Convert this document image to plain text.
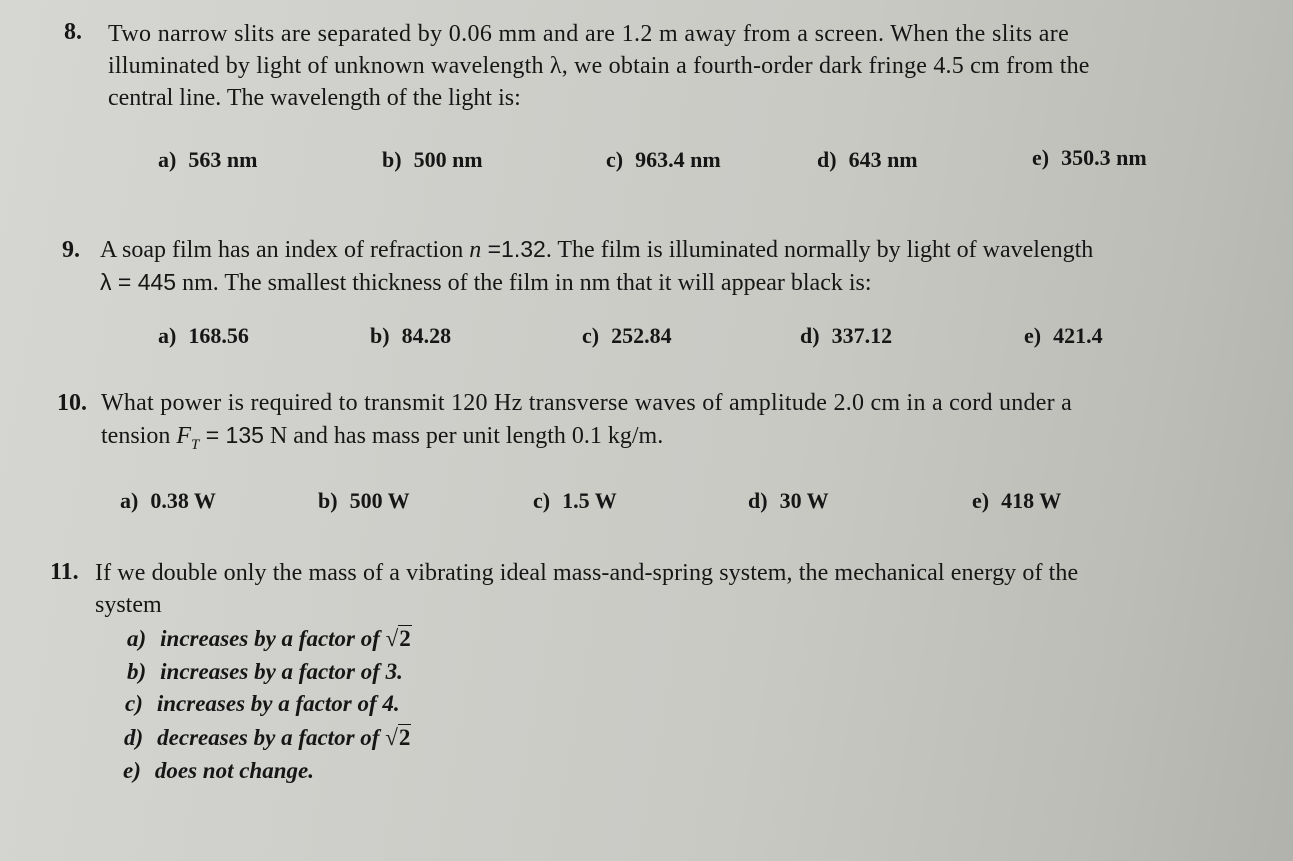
8. Two narrow slits are separated by 0.06 mm and are 1.2 m away from a screen. When the slits are
illuminated by light of unknown wavelength λ, we obtain a fourth-order dark fringe 4.5 cm from the
central line. The wavelength of the light is:
a) 563 nm	b) 500 nm	c) 963.4 nm	d) 643 nm	e) 350.3 nm
9. A soap film has an index of refraction n =1.32. The film is illuminated normally by light of wavelength
λ = 445 nm. The smallest thickness of the film in nm that it will appear black is:
a) 168.56	b) 84.28	c) 252.84	d) 337.12	e) 421.4
10. What power is required to transmit 120 Hz transverse waves of amplitude 2.0 cm in a cord under a
tension $F_T = 135$ N and has mass per unit length 0.1 kg/m.
a) 0.38 W	b) 500 W	c) 1.5 W	d) 30 W	e) 418 W
11. If we double only the mass of a vibrating ideal mass-and-spring system, the mechanical energy of the
system
a) increases by a factor of √2
b) increases by a factor of 3.
c) increases by a factor of 4.
d) decreases by a factor of √2
e) does not change.
